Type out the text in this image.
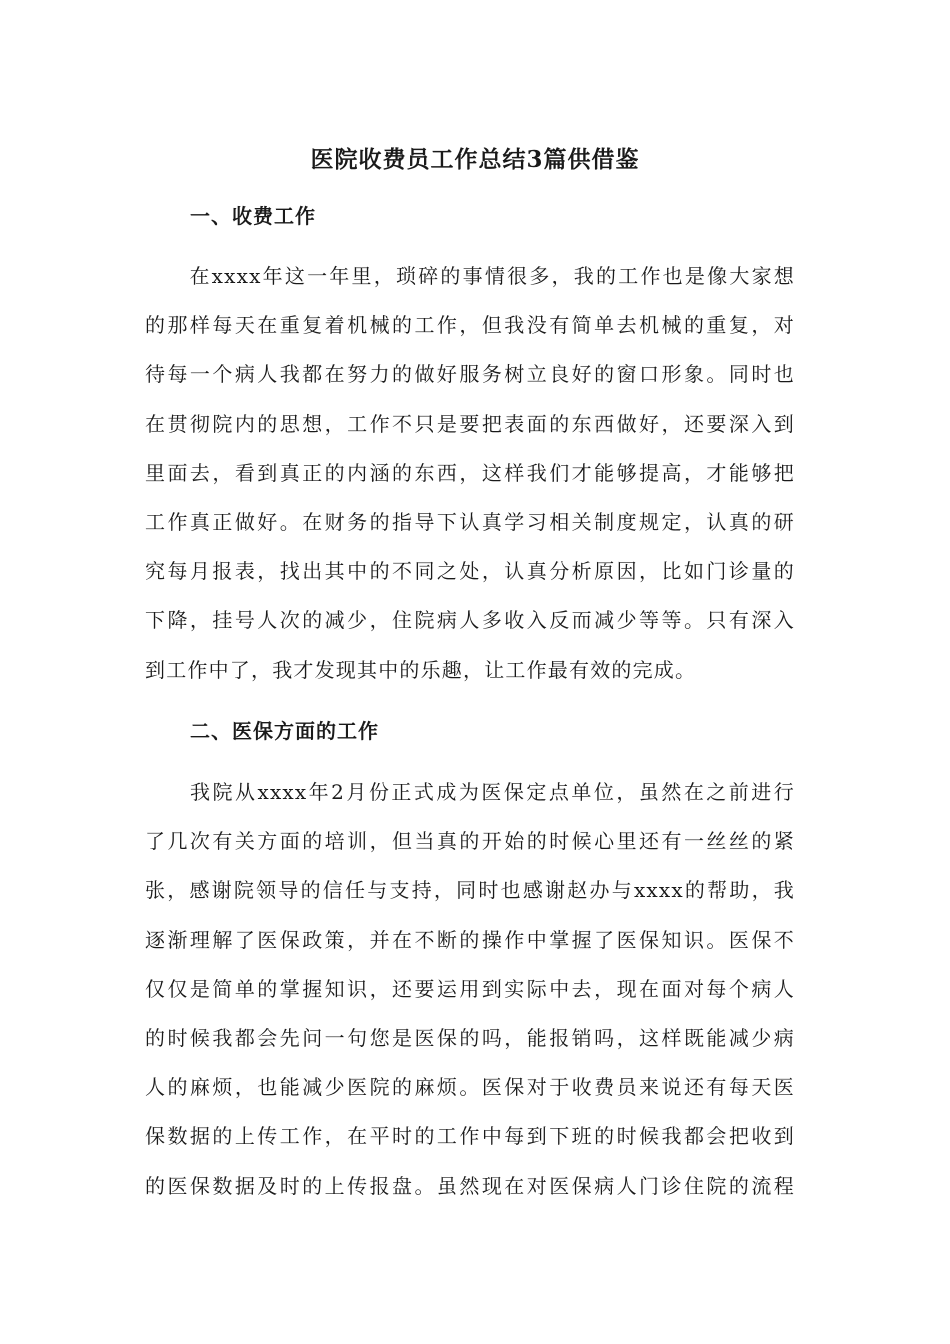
医院收费员工作总结3篇供借鉴
一、收费工作
　　在xxxx年这一年里，琐碎的事情很多，我的工作也是像大家想
的那样每天在重复着机械的工作，但我没有简单去机械的重复，对
待每一个病人我都在努力的做好服务树立良好的窗口形象。同时也
在贯彻院内的思想，工作不只是要把表面的东西做好，还要深入到
里面去，看到真正的内涵的东西，这样我们才能够提高，才能够把
工作真正做好。在财务的指导下认真学习相关制度规定，认真的研
究每月报表，找出其中的不同之处，认真分析原因，比如门诊量的
下降，挂号人次的减少，住院病人多收入反而减少等等。只有深入
到工作中了，我才发现其中的乐趣，让工作最有效的完成。
二、医保方面的工作
　　我院从xxxx年2月份正式成为医保定点单位，虽然在之前进行
了几次有关方面的培训，但当真的开始的时候心里还有一丝丝的紧
张，感谢院领导的信任与支持，同时也感谢赵办与xxxx的帮助，我
逐渐理解了医保政策，并在不断的操作中掌握了医保知识。医保不
仅仅是简单的掌握知识，还要运用到实际中去，现在面对每个病人
的时候我都会先问一句您是医保的吗，能报销吗，这样既能减少病
人的麻烦，也能减少医院的麻烦。医保对于收费员来说还有每天医
保数据的上传工作，在平时的工作中每到下班的时候我都会把收到
的医保数据及时的上传报盘。虽然现在对医保病人门诊住院的流程
